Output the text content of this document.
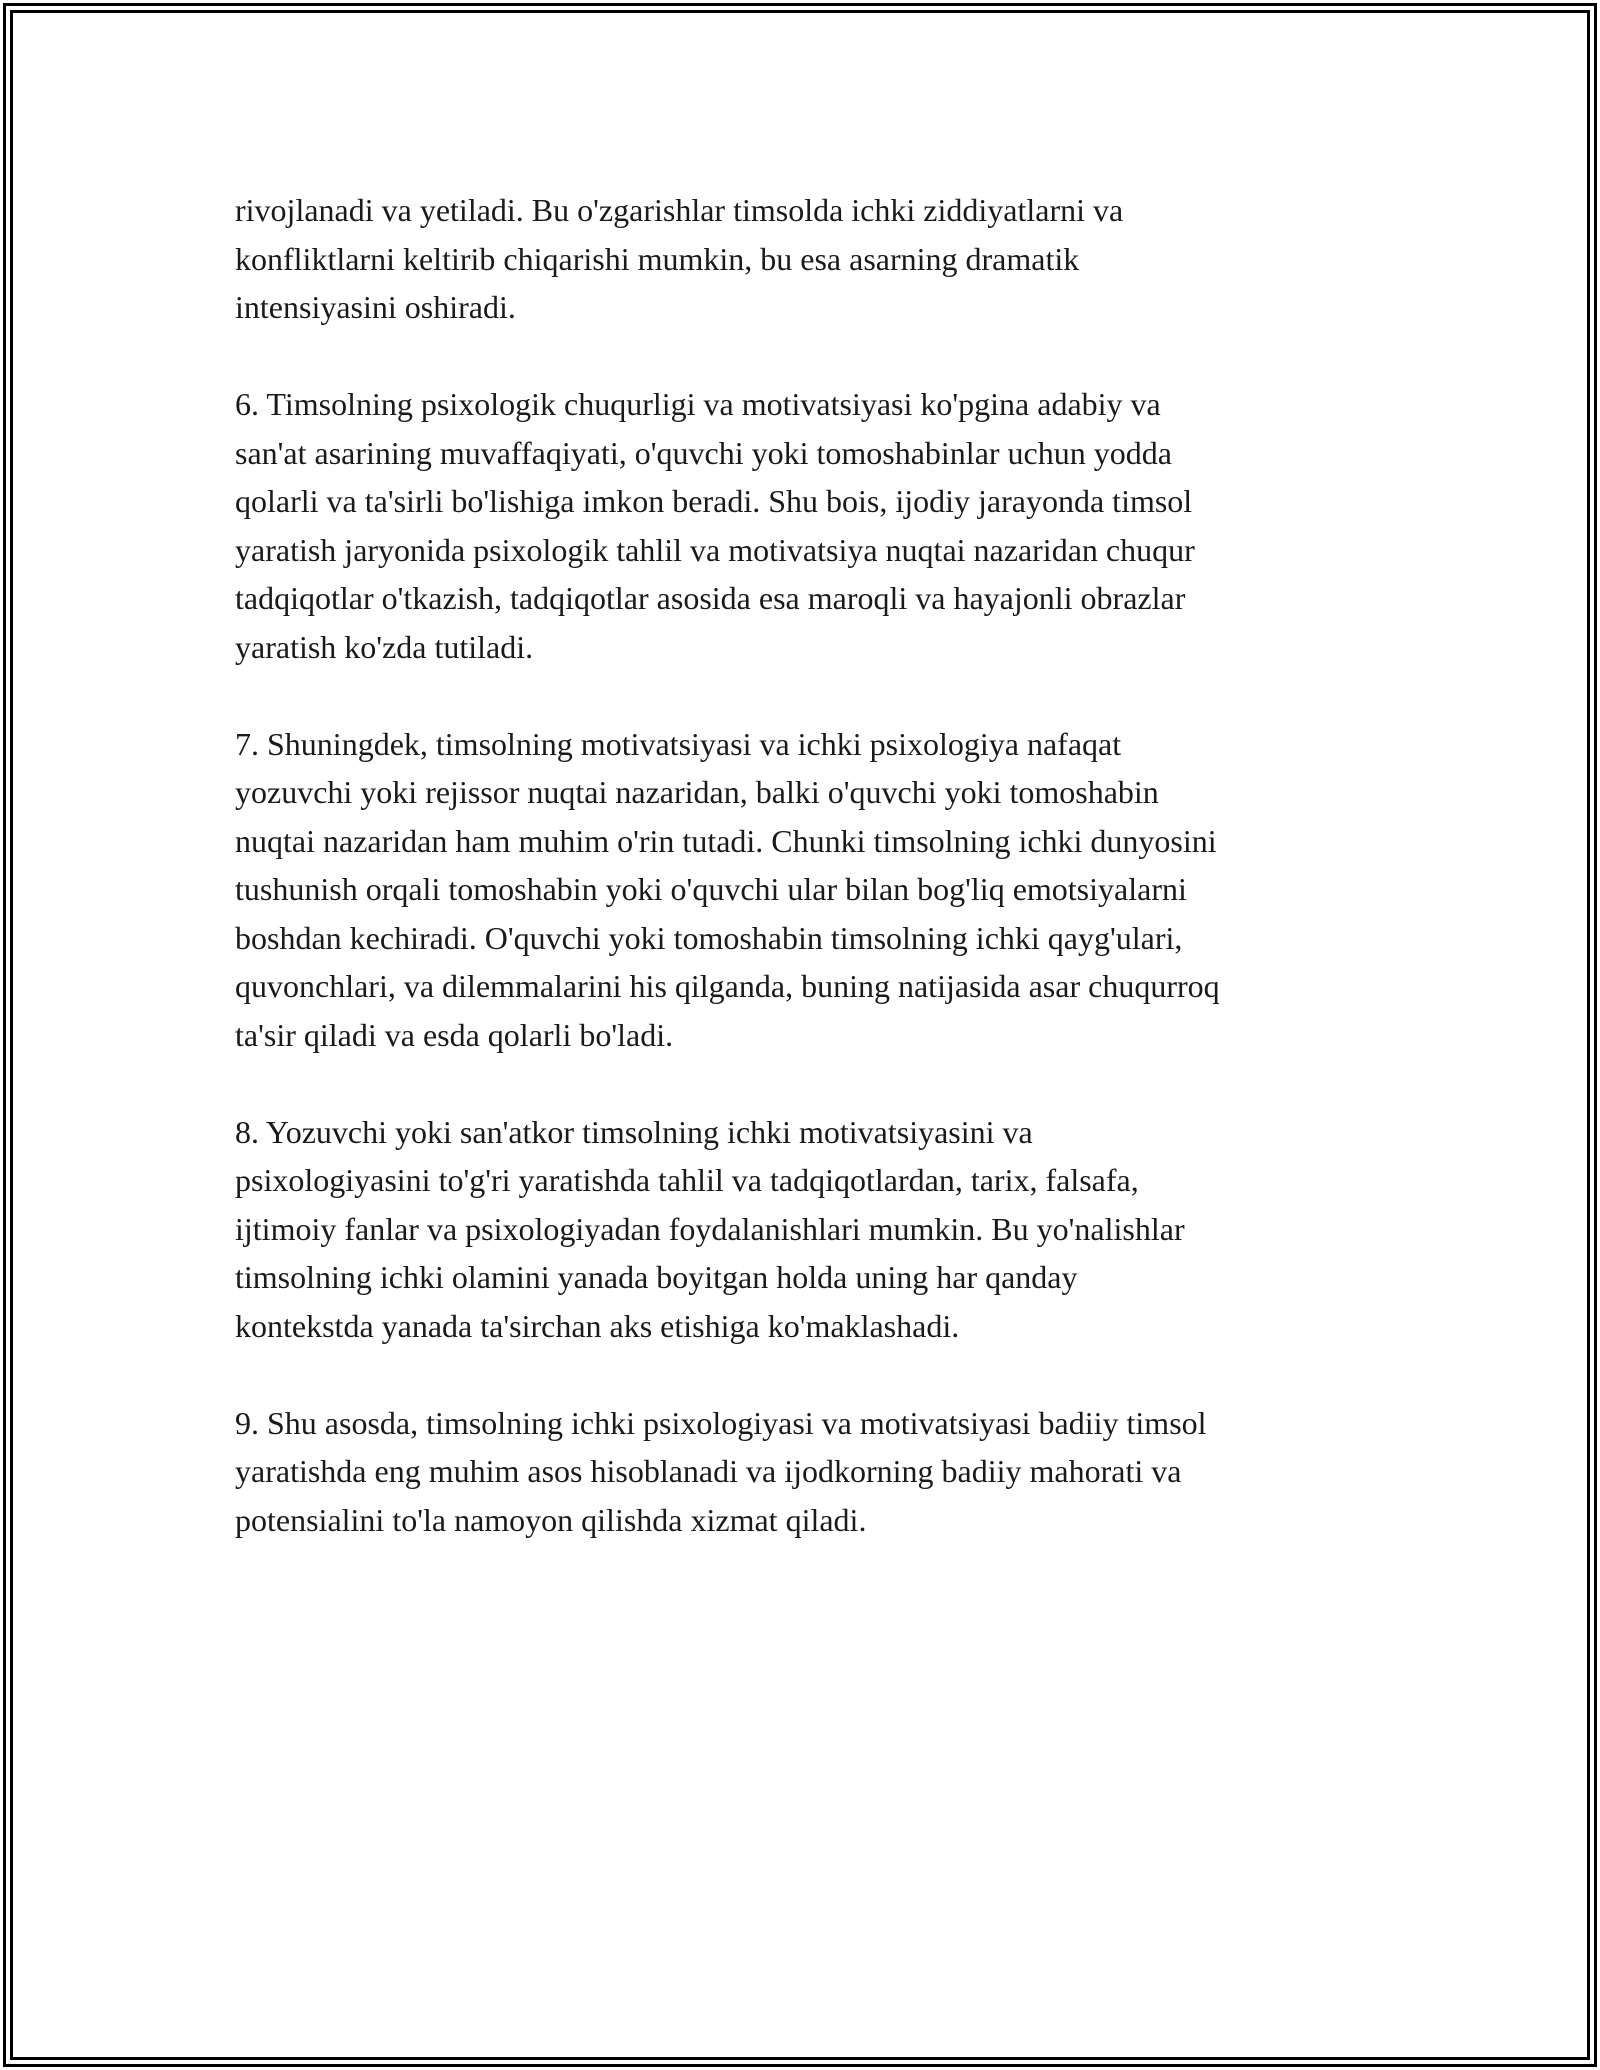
rivojlanadi va yetiladi. Bu o'zgarishlar timsolda ichki ziddiyatlarni va
konfliktlarni keltirib chiqarishi mumkin, bu esa asarning dramatik
intensiyasini oshiradi.

6. Timsolning psixologik chuqurligi va motivatsiyasi ko'pgina adabiy va
san'at asarining muvaffaqiyati, o'quvchi yoki tomoshabinlar uchun yodda
qolarli va ta'sirli bo'lishiga imkon beradi. Shu bois, ijodiy jarayonda timsol
yaratish jaryonida psixologik tahlil va motivatsiya nuqtai nazaridan chuqur
tadqiqotlar o'tkazish, tadqiqotlar asosida esa maroqli va hayajonli obrazlar
yaratish ko'zda tutiladi.

7. Shuningdek, timsolning motivatsiyasi va ichki psixologiya nafaqat
yozuvchi yoki rejissor nuqtai nazaridan, balki o'quvchi yoki tomoshabin
nuqtai nazaridan ham muhim o'rin tutadi. Chunki timsolning ichki dunyosini
tushunish orqali tomoshabin yoki o'quvchi ular bilan bog'liq emotsiyalarni
boshdan kechiradi. O'quvchi yoki tomoshabin timsolning ichki qayg'ulari,
quvonchlari, va dilemmalarini his qilganda, buning natijasida asar chuqurroq
ta'sir qiladi va esda qolarli bo'ladi.

8. Yozuvchi yoki san'atkor timsolning ichki motivatsiyasini va
psixologiyasini to'g'ri yaratishda tahlil va tadqiqotlardan, tarix, falsafa,
ijtimoiy fanlar va psixologiyadan foydalanishlari mumkin. Bu yo'nalishlar
timsolning ichki olamini yanada boyitgan holda uning har qanday
kontekstda yanada ta'sirchan aks etishiga ko'maklashadi.

9. Shu asosda, timsolning ichki psixologiyasi va motivatsiyasi badiiy timsol
yaratishda eng muhim asos hisoblanadi va ijodkorning badiiy mahorati va
potensialini to'la namoyon qilishda xizmat qiladi.
